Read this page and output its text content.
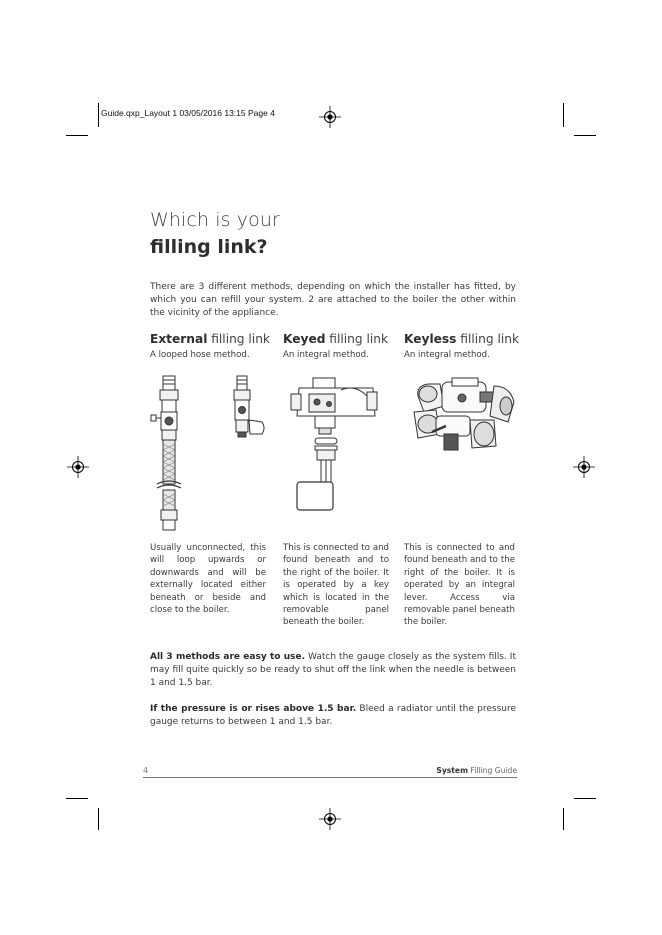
Guide.qxp_Layout 1 03/05/2016 13:15 Page 4
Which is your
filling link?
There are 3 different methods, depending on which the installer has fitted, by which you can refill your system. 2 are attached to the boiler the other within the vicinity of the appliance.
External filling link
A looped hose method.
Keyed filling link
An integral method.
Keyless filling link
An integral method.
Usually unconnected, this will loop upwards or downwards and will be externally located either beneath or beside and close to the boiler.
This is connected to and found beneath and to the right of the boiler. It is operated by a key which is located in the removable panel beneath the boiler.
This is connected to and found beneath and to the right of the boiler. It is operated by an integral lever. Access via removable panel beneath the boiler.
All 3 methods are easy to use. Watch the gauge closely as the system fills. It may fill quite quickly so be ready to shut off the link when the needle is between 1 and 1.5 bar.
If the pressure is or rises above 1.5 bar. Bleed a radiator until the pressure gauge returns to between 1 and 1.5 bar.
4	System Filling Guide
